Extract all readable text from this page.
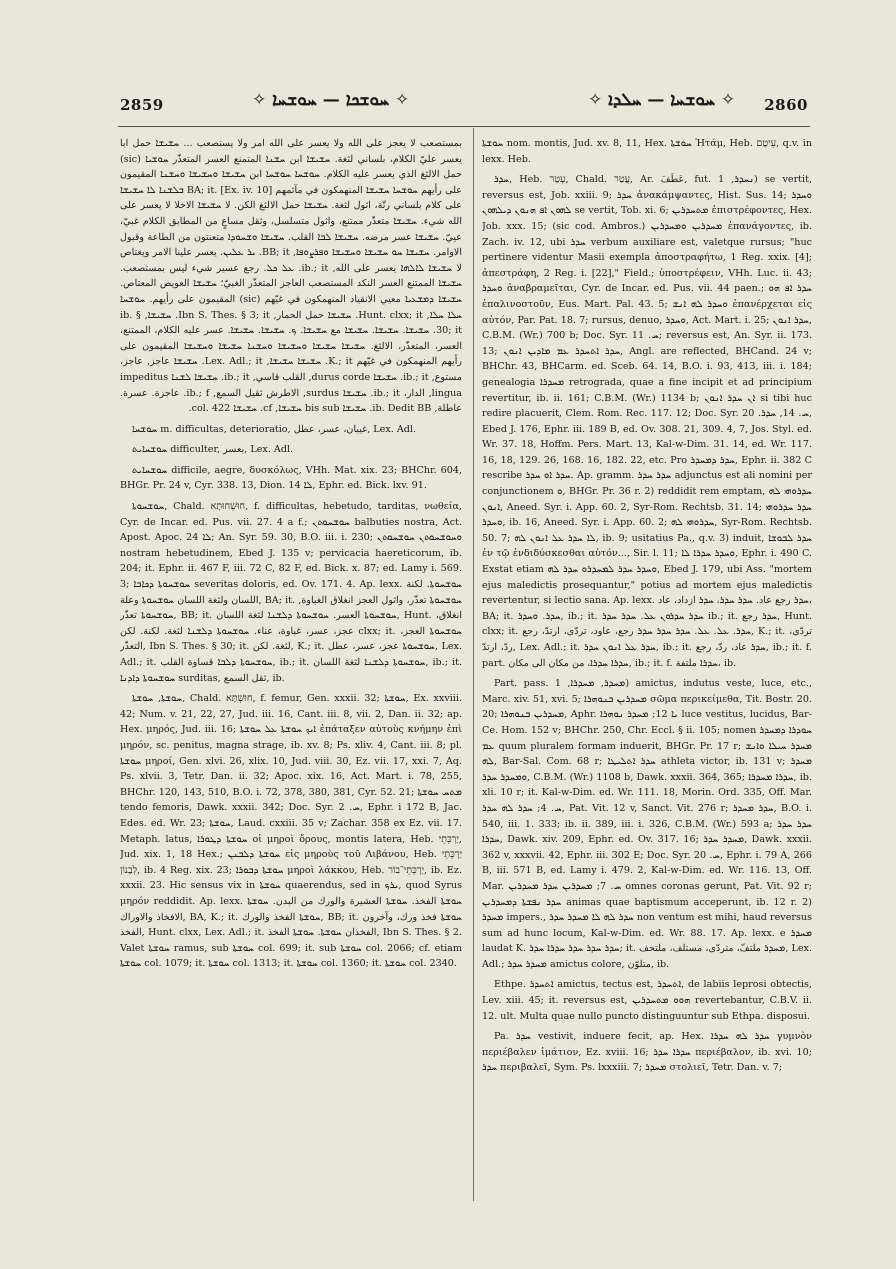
2859	✧ ܚܘܫܟܐ — ܚܘܫܚܐ ✧	✧ ܚܘܫܚܐ — ܚܠܕܐ ✧ 2860

بمستصعب لا يعجز على الله ولا يعسر على الله امر ولا يستصعب ... ܚܫܝܫܐ حمل ابا يعسر عليّ الكلام، بلساني لثغة. ܚܫܝܫܐ ابن ܚܫܢܐ المتمنع العسر المتعذّر ܚܘܫܝܐ (sic) حمل الالثغ الذي يعسر عليه الكلام. ܚܘܫܚܐ ܚܘܫܚܐ ابن ܚܫܝܫܐ ܘܚܫܝܫܐ ܘܚܫܢܐ المقيمون على رأيهم ܚܘܫܚܐ ܚܫܝܫܐ المنهمكون في مآثمهم BA; it. [Ex. iv. 10] ܒܠܫܢܐ ܠܐ ܚܫܝܫܐ على كلام بلساني رتّة، اثول لثغة. ܚܫܝܫܐ حمل الالثغ الكن. لا ܚܫܝܫܐ الاخلا لا يعسر على الله شيء. ܚܫܝܫܐ متعذّر ممتنع، واثول متسلسل، وثقل مساعٍ من المطابق الكلام غبيّ، عييّ. ܚܫܝܫܐ عسر مرضه. ܚܫܝܫܐ ܠܒܐ القلب. ܚܫܝܫܐ ܘܫܚܘܕܐ متعنتون من الطاعة وقبول الاوامر. ܚܫܝܫܐ ܚܘ ܚܫܝܫܐ ܘܚܫܝܫܐ ܘܦܪܨܘܦܐ, BB; it. ܝܪ ܥܠܝܢ. يعسر علينا الامر ويعتاص لا ܚܫܝܫܐ ܠܐܠܗܐ يعسر على الله, ib.; it. ܥܠ ܟܠ. رجع عسير شيء ليس بمستصعب. ܚܫܝܫܐ الممتنع العسر النكد المستصعب العاجز المتعذّر الغبيّ؛ ܚܫܝܫܐ العويص المعتاص. ܚܫܝܫܐ ܕܡܫܥܝܐ معيي الانقياد المنهمكون في غيّهم (sic) المقيمون على رأيهم. ܚܘܫܚܐ ܚܠܐ ܚܠܐ, Hunt. clxx; it. ܚܫܝܫܐ حمل الحمار, Ibn S. Thes. § 3; it. ܚܫܝܫܐ, ib. § 30; it. ܚܫܝܫܐ. ܚܫܝܫܐ. ܚܫܝܫܐ مع ܚܫܝܫܐ. ܟ. ܚܫܝܫܐ. ܚܫܝܫܐ. عسر عليه الكلام، الممتنع، العسر، المتعذّر، الالثغ. ܚܫܝܫܐ ܚܫܝܫܐ ܘܚܫܝܫܐ ܘܚܫܢܐ ܚܫܝܫܐ ܘܚܫܝܫܐ المقيمون على رأيهم المنهمكون في غيّهم K.; it. ܚܫܝܫܐ ܚܫܝܫܐ, Lex. Adl.; it. ܚܫܝܫܐ عاجز, عاجز، مستوع, ib.; it. ܚܫܝܫܐ durus corde, القلب قاسي, ib.; it. ܚܫܝܫܐ ܠܫܢܐ impeditus lingua, الدار، ib.; it. ܚܫܝܫܐ surdus, الاطرش ثقيل السمع, ib.; f. عاجزة. عسرة. عاطلة, ib. Dedit BB. ܚܫܝܫܐ bis sub ܚܫܝܫܐ, cf. ܚܫܝܫܐ col. 422.

ܚܘܫܚܐ m. difficultas, deterioratio, غيبان، عسر، عطل, Lex. Adl.

ܚܘܫܚܐܝܬ difficulter, بعسر, Lex. Adl.

ܚܘܫܚܐܝܬ difficile, aegre, δυσκόλως, VHh. Mat. xix. 23; BHChr. 604, BHGr. Pr. 24 v, Cyr. 338. 13, Dion. ܠܐ 14, Ephr. ed. Bick. lxv. 91.

ܚܘܫܚܘܬܐ, Chald. חוּשְׁחוּתָא, f. difficultas, hebetudo, tarditas, νωθεία, Cyr. de Incar. ed. Pus. vii. 27. 4 a f.; ܚܘܫܚܘܬܢ balbuties nostra, Act. Apost. Apoc. ܠܐ 24; An. Syr. 59. 30, B.O. iii. i. 230; ܘܚܘܫܚܘܬܢ ܚܘܫܚܘܬܢ nostram hebetudinem, Ebed J. 135 v; pervicacia haereticorum, ib. 204; it. Ephr. ii. 467 F, iii. 72 C, 82 F, ed. Bick. x. 87; ed. Lamy i. 569. 3; ܚܘܫܚܘܬܐ ܕܟܐܒܐ severitas doloris, ed. Ov. 171. 4. Ap. lexx. ܚܘܫܚܘܬܐ. لكنة اللسان ولثغة اللسان ܚܘܫܚܘܬܐ وعلة, BA; it. ܚܘܫܚܘܬܐ تعذّر، واثول العجز انغلاق الغباوة, ܚܘܫܚܘܬܐ تعذّر, BB; it. ܚܘܫܚܘܬܐ العسر. ܚܘܫܚܘܬܐ ܕܠܫܢܐ لثغة اللسان, Hunt. انغلاق، عجز، عسر، غباوة، عناء. ܚܘܫܚܘܬܐ ܕܠܫܢܐ لثغة. لكنة. لكن clxx; it. ܚܘܫܚܘܬܐ العجز، التعذّر, Ibn S. Thes. § 30; it. لثغة. لكن, K.; it. ܚܘܫܚܘܬܐ عجز، عسر، عطل, Lex. Adl.; it. ܚܘܫܚܘܬܐ ܕܠܒܐ قساوة القلب, ib.; it. ܚܘܫܚܘܬܐ ܕܠܫܢܐ لثغة اللسان, ib.; it. ܚܘܫܚܘܬܐ ܕܐܕܢܐ surditas, ثقل السمع, ib.

ܚܘܫܬܐ, ܚܘܫܬܐ, Chald. חוּשְׁתָּא, f. femur, Gen. xxxii. 32; ܚܘܫܬܐ, Ex. xxviii. 42; Num. v. 21, 22, 27, Jud. iii. 16, Cant. iii. 8, vii. 2, Dan. ii. 32; ap. Hex. μηρός, Jud. iii. 16; ܐܝܟ ܚܘܫܬܐ ܥܠ ܚܘܫܬܐ ἐπάταξεν αὐτοὺς κνήμην ἐπὶ μηρόν, sc. penitus, magna strage, ib. xv. 8; Ps. xliv. 4, Cant. iii. 8; pl. ܚܘܫܬܐ μηροί, Gen. xlvi. 26, xlix. 10, Jud. viii. 30, Ez. vii. 17, xxi. 7, Aq. Ps. xlvii. 3, Tetr. Dan. ii. 32; Apoc. xix. 16, Act. Mart. i. 78, 255, BHChr. 120, 143, 510, B.O. i. 72, 378, 380, 381, Cyr. 52. 21; ܡܬܚ ܚܘܫܬܐ tendo femoris, Dawk. xxxii. 342; Doc. Syr. ܚ. 2, Ephr. i 172 B, Jac. Edes. ed. Wr. 23; ܚܘܫܬܐ, Laud. cxxiii. 35 v; Zachar. 358 ex Ez. vii. 17. Metaph. latus, ܚܘܫܬܐ ܕܛܘܪܐ οἱ μηροὶ ὄρους, montis latera, Heb. יַרְכְּתֵי, Jud. xix. 1, 18 Hex.; ܚܘܫܬܐ ܕܠܒܢܢ εἰς μηροὺς τοῦ Λιβάνου, Heb. יַרְכְּתֵי לְבָנוֹן, ib. 4 Reg. xix. 23; ܚܘܫܬܐ ܕܒܘܪܐ μηροὶ λάκκου, Heb. יַרְכְּתֵי־בוֹר, ib. Ez. xxxii. 23. Hic sensus vix in ܚܘܫܬܐ quaerendus, sed in ܝܪܟ, quod Syrus μηρόν reddidit. Ap. lexx. ܚܘܫܬܐ الفخذ. ܚܘܫܬܐ العشيرة والورك من البدن. ܚܘܫܬܐ الافخاذ والاوراك, BA, K.; it. ܚܘܫܬܐ الفخذ والورك, BB; it. ܚܘܫܬܐ فخذ ورك، وآخرون الفخذ, Hunt. clxx, Lex. Adl.; it. الفخذان ܚܘܫܬܐ. ܚܘܫܬܐ الفخذ, Ibn S. Thes. § 2. Valet ܚܘܫܬܐ ramus, sub ܚܘܫܬܐ col. 699; it. sub ܚܘܫܬܐ col. 2066; cf. etiam ܚܘܫܬܐ col. 1079; it. ܚܘܫܬܐ col. 1313; it. ܚܘܫܬܐ col. 1360; it. ܚܘܫܬܐ col. 2340.

ܚܘܫܬܐ nom. montis, Jud. xv. 8, 11, Hex. ܚܘܫܬܐ Ἠτάμ, Heb. עֵיטָם, q.v. in lexx. Heb.

ܚܕܪ, Heb. עָטַר, Chald. עֲטַר, Ar. عَطَفَ, fut. ܢܚܕܪ, 1) se vertit, reversus est, Job. xxiii. 9; ܚܕܪ ἀνακάμψαντες, Hist. Sus. 14; ܘܚܕܪ ܠܗܘܢ ܐܦ ܗܢܘܢ ܕܝܠܗܘܢ se vertit, Tob. xi. 6; ܡܬܚܕܪܝܢ ἐπιστρέφοντες, Hex. Job. xxx. 15; (sic cod. Ambros.) ܡܚܕܪܝܢ ܘܡܚܕܪܝܢ ἐπανάγοντες, ib. Zach. iv. 12, ubi ܚܕܪ verbum auxiliare est, valetque rursus; "huc pertinere videntur Masii exempla ἀποστραφήτω, 1 Reg. xxix. [4]; ἀπεστράφη, 2 Reg. i. [22]," Field.; ὑποστρέφειν, VHh. Luc. ii. 43; ܘܚܕܪ ἀναβραμεῖται, Cyr. de Incar. ed. Pus. vii. 44 paen.; ܚܕܪ ܐܦ ܗܘ ἐπαλινοστοῦν, Eus. Mart. Pal. 43. 5; ܘܚܕܪ ܠܗ ܐܢܫ ἐπανέρχεται εἰς αὐτόν, Par. Pat. 18. 7; rursus, denuo, ܘܚܕܪ, Act. Mart. i. 25; ܚܕܪ ܐܢܘܢ, C.B.M. (Wr.) 700 b; Doc. Syr. ܚ. 11; reversus est, An. Syr. ii. 173. 13; ܚܕܪ ܐܬܚܕܪ ܥܡ ܡܐܕܝܢ ܐܢܘܢ, Angl. are reflected, BHCand. 24 v; BHChr. 43, BHCarm. ed. Sceb. 64. 14, B.O. i. 93, 413, iii. i. 184; genealogia ܡܚܕܪܐ retrograda, quae a fine incipit et ad principium revertitur, ib. ii. 161; C.B.M. (Wr.) 1134 b; ܐܢ ܚܕܪ ܐܢܘܢ si tibi huc redire placuerit, Clem. Rom. Rec. 117. 12; Doc. Syr. ܚ. 14, ܚܕܪ. 20, Ebed J. 176, Ephr. iii. 189 B, ed. Ov. 308. 21, 309. 4, 7, Jos. Styl. ed. Wr. 37. 18, Hoffm. Pers. Mart. 13, Kal-w-Dim. 31. 14, ed. Wr. 117. 16, 18, 129. 26, 168. 16, 182. 22, etc. Pro ܚܕܪ ܕܡܚܕܪ, Ephr. ii. 382 C rescribe ܚܕܪ ܐܘ ܚܕܪ. Ap. gramm. ܚܕܪ ܚܕܪ adjunctus est ali nomini per conjunctionem ܘ, BHGr. Pr. 36 r. 2) reddidit rem emptam, ܚܕܪܘܗܝ ܠܗ ܐܢܘܢ, Aneed. Syr. i. App. 60. 2, Syr-Rom. Rechtsb. 31. 14; ܚܕܪ ܚܕܪܘܗܝ ܘܚܕܪ, ib. 16, Aneed. Syr. i. App. 60. 2; ܚܕܪܘܗܝ ܠܗ, Syr-Rom. Rechtsb. 50. 7; ܠܐ ܚܕܪ ܥܠ ܐܢܘܢ ܠܗ, ib. 9; usitatius Pa., q.v. 3) induit, ܚܕܪ ܠܒܘܫܐ ἐν τῷ ἐνδιδύσκεσθαι αὐτόν..., Sir. l. 11; ܘܚܕܪ ܚܕܪܐ ܠܐ, Ephr. i. 490 C. Exstat etiam ܘܚܕܪ ܚܕܪ ܠܡܚܕܪܘ ܚܕܪ ܠܗ, Ebed J. 179, ubi Ass. "mortem ejus maledictis prosequantur," potius ad mortem ejus maledictis revertentur, si lectio sana. Ap. lexx. ܚܕܪ رجع عاد. ܚܕܪ ܚܕܪ، ܚܕܪ ازداد، عاد، BA; it. ܚܕܪ. ܘܚܕܪ, ib.; it. ܚܕܪ ܚܕܪܘܢ ܥܠ. ܚܕܪ ܚܕܪ ib.; it. ܚܕܪ رجع, Hunt. clxx; it. ܚܕܪ. ܥܠ. ܥܠ. ܚܕܪ ܚܕܪ ܚܕܪ رجع، عاود، تردّى، ارتدّ، رجع, K.; it. تردّى، ردّ، ارتدّ, Lex. Adl.; it. ܚܕܪ ܥܠ ܐܢܘܢ ܚܕܪ, ib.; it. ܚܕܪ عاد، ردّ، رجع, ib.; it. f. part. ܚܕܪܐ ܚܕܪܐ، من مكان الى مكان, ib.; it. f. ܚܕܪܐ ملتفة، ib.

Part. pass. ܡܚܕܪ, ܡܚܕܪܐ, 1) amictus, indutus veste, luce, etc., Marc. xiv. 51, xvi. 5; ܡܚܕܪܝܢ ܒܢܘܗܪܐ σῶμα περικείμεθα, Tit. Bostr. 20. 20; ܡܚܕܪܝܢ ܒܢܘܗܪܐ, Aphr. ܝܐ 12; ܡܚܕܪ ܢܘܗܪܐ luce vestitus, lucidus, Bar-Ce. Hom. 152 v; BHChr. 250, Chr. Eccl. § ii. 105; nomen ܚܘܕܪܐ ܕܡܚܕܪ ܥܡ quum pluralem formam induerit, BHGr. Pr. 17 r; ܡܚܕܪ ܚܝܠܐ ܘܐܢܫ ܠܗ, Bar-Sal. Com. 68 r; ܚܕܪ ܐܬܠܝܛܐ athleta victor, ib. 131 v; ܡܚܕܪ ܘܡܚܕܪ ܚܕܪ, C.B.M. (Wr.) 1108 b, Dawk. xxxii. 364, 365; ܚܕܪܐ ܡܚܕܪܐ, ib. xli. 10 r; it. Kal-w-Dim. ed. Wr. 111. 18, Morin. Ord. 335, Off. Mar. ܚ. 4; ܚܕܪ ܠܗ ܚܕܪ, Pat. Vit. 12 v, Sanct. Vit. 276 r; ܚܕܪ ܡܚܕܪ, B.O. i. 540, iii. 1. 333; ib. ii. 389, iii. i. 326, C.B.M. (Wr.) 593 a; ܚܕܪ ܚܕܪ ܚܕܪܐ, Dawk. xiv. 209, Ephr. ed. Ov. 317. 16; ܡܚܕܪ ܚܕܪ, Dawk. xxxii. 362 v, xxxvii. 42, Ephr. iii. 302 E; Doc. Syr. ܚ. 20, Ephr. i. 79 A, 266 B, iii. 571 B, ed. Lamy i. 479. 2, Kal-w-Dim. ed. Wr. 116. 13, Off. Mar. ܚ. 7; ܡܚܕܪܝܢ ܚܕܪ ܡܚܕܪܝܢ omnes coronas gerunt, Pat. Vit. 92 r; ܚܕܪ ܢܦܫܬܐ ܕܡܚܕܪܝܢ animas quae baptismum acceperunt, ib. 12 r. 2) ܡܚܕܪ impers., ܚܕܪ ܠܗ ܠܐ ܡܚܕܪ ܚܕܪ non ventum est mihi, haud reversus sum ad hunc locum, Kal-w-Dim. ed. Wr. 88. 17. Ap. lexx. e ܡܚܕܪ laudat K. ܚܕܪ ܚܕܪ ܚܕܪ ܚܕܪܐ ܚܕܪ; it. ܡܚܕܪ ملتفّ، متردّى، مستلف، ملتحف, Lex. Adl.; ܡܚܕܪ ܚܕܪ amictus colore, متلوّن, ib.

Ethpe. ܐܬܚܕܪ amictus, tectus est, ܐܬܚܕܪ, de labiis leprosi obtectis, Lev. xiii. 45; it. reversus est, ܗܘܘ ܡܬܚܕܪܝܢ revertebantur, C.B.V. ii. 12. ult. Multa quae nullo puncto distinguuntur sub Ethpa. disposui.

Pa. ܚܕܪ vestivit, induere fecit, ap. Hex. ܚܕܪ ܠܗ ܚܕܪܐ γυμνὸν περιέβαλεν ἱμάτιον, Ez. xviii. 16; ܚܕܪܐ ܚܕܪ περιέβαλον, ib. xvi. 10; ܚܕܪ περιβαλεῖ, Sym. Ps. lxxxiii. 7; ܡܚܕܪ στολιεῖ, Tetr. Dan. v. 7;
